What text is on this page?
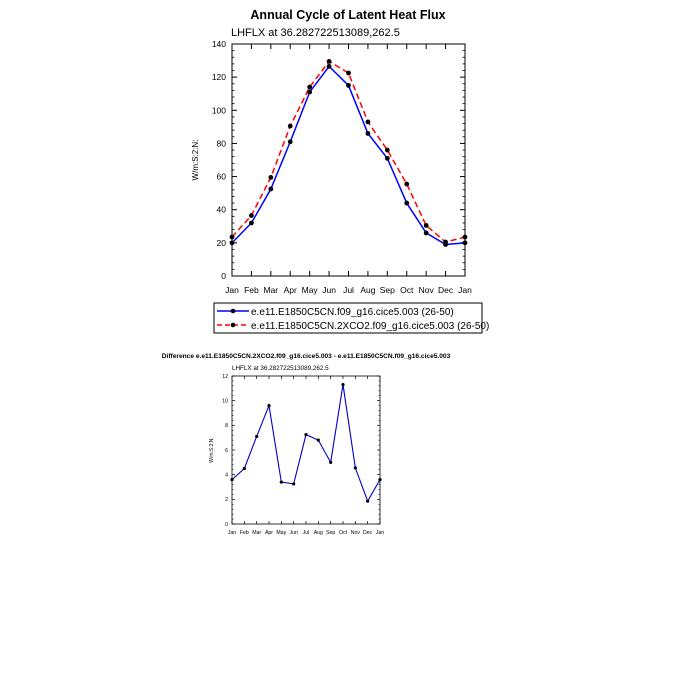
Annual Cycle of Latent Heat Flux
LHFLX at 36.282722513089,262.5
W/m:S:2:N:
0
20
40
60
80
100
120
140
Jan Feb Mar Apr May Jun Jul Aug Sep Oct Nov Dec Jan
e.e11.E1850C5CN.f09_g16.cice5.003 (26-50)
e.e11.E1850C5CN.2XCO2.f09_g16.cice5.003 (26-50)
Difference e.e11.E1850C5CN.2XCO2.f09_g16.cice5.003 - e.e11.E1850C5CN.f09_g16.cice5.003
LHFLX at 36.282722513089,262.5
W/m:S:2:N:
0
2
4
6
8
10
12
Jan Feb Mar Apr May Jun Jul Aug Sep Oct Nov Dec Jan
